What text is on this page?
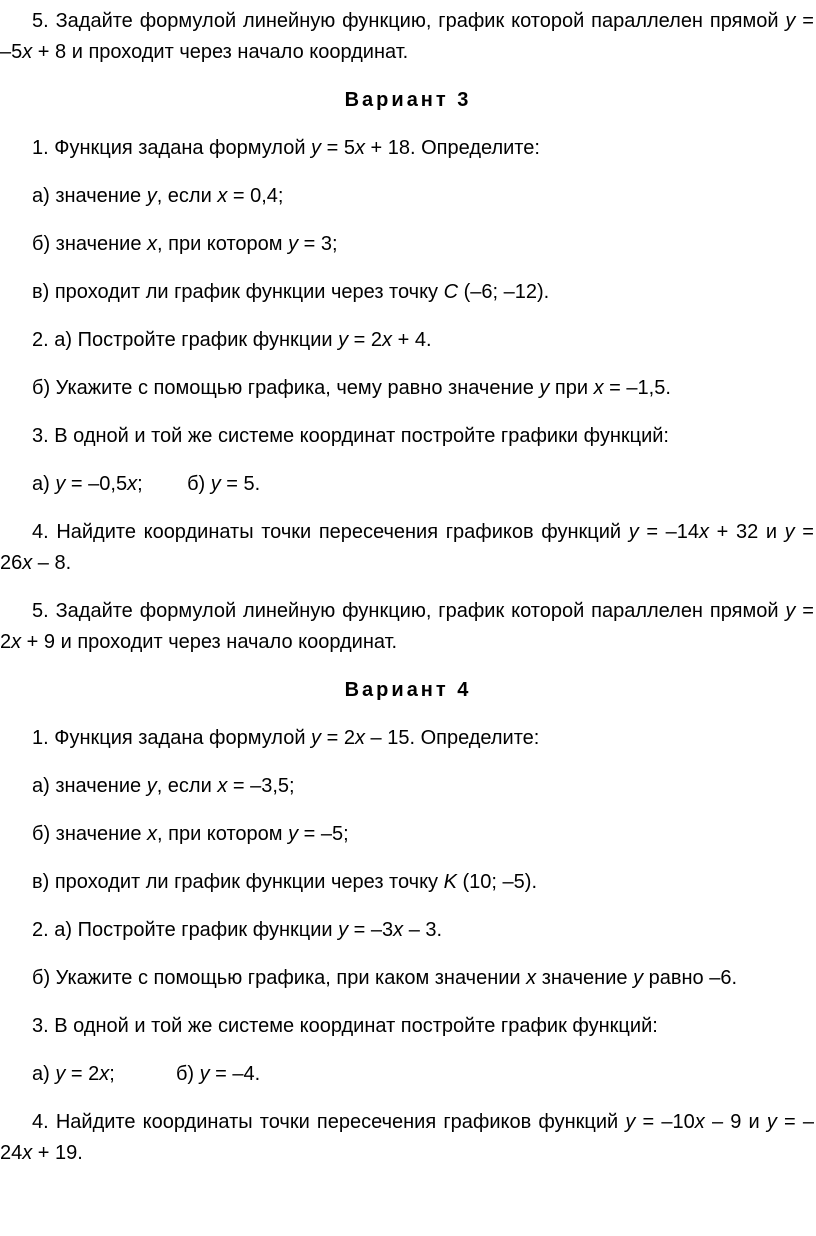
5. Задайте формулой линейную функцию, график которой параллелен прямой y = –5x + 8 и проходит через начало координат.

Вариант 3

1. Функция задана формулой y = 5x + 18. Определите:

а) значение y, если x = 0,4;

б) значение x, при котором y = 3;

в) проходит ли график функции через точку C (–6; –12).

2. а) Постройте график функции y = 2x + 4.

б) Укажите с помощью графика, чему равно значение y при x = –1,5.

3. В одной и той же системе координат постройте графики функций:

а) y = –0,5x;        б) y = 5.

4. Найдите координаты точки пересечения графиков функций y = –14x + 32 и y = 26x – 8.

5. Задайте формулой линейную функцию, график которой параллелен прямой y = 2x + 9 и проходит через начало координат.

Вариант 4

1. Функция задана формулой y = 2x – 15. Определите:

а) значение y, если x = –3,5;

б) значение x, при котором y = –5;

в) проходит ли график функции через точку K (10; –5).

2. а) Постройте график функции y = –3x – 3.

б) Укажите с помощью графика, при каком значении x значение y равно –6.

3. В одной и той же системе координат постройте график функций:

а) y = 2x;           б) y = –4.

4. Найдите координаты точки пересечения графиков функций y = –10x – 9 и y = –24x + 19.
